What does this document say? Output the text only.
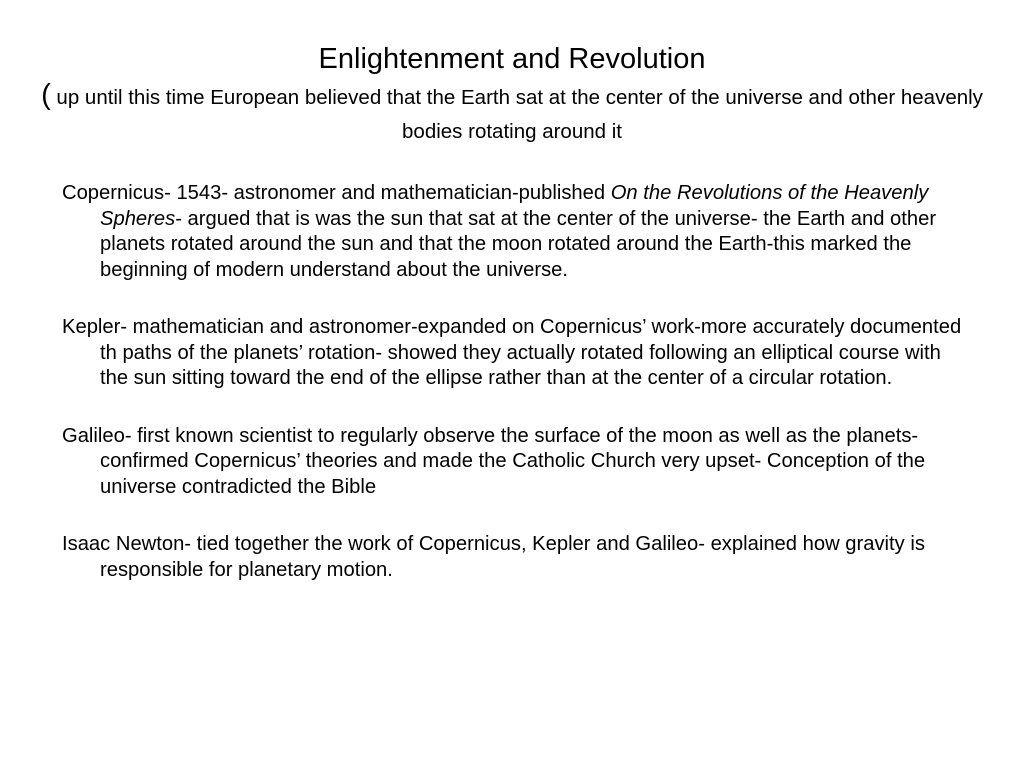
Enlightenment and Revolution

( up until this time European believed that the Earth sat at the center of the universe and other heavenly bodies rotating around it

Copernicus- 1543- astronomer and mathematician-published On the Revolutions of the Heavenly Spheres- argued that is was the sun that sat at the center of the universe- the Earth and other planets rotated around the sun and that the moon rotated around the Earth-this marked the beginning of modern understand about the universe.

Kepler- mathematician and astronomer-expanded on Copernicus’ work-more accurately documented th paths of the planets’ rotation- showed they actually rotated following an elliptical course with the sun sitting toward the end of the ellipse rather than at the center of a circular rotation.

Galileo- first known scientist to regularly observe the surface of the moon as well as the planets- confirmed Copernicus’ theories and made the Catholic Church very upset- Conception of the universe contradicted the Bible

Isaac Newton- tied together the work of Copernicus, Kepler and Galileo- explained how gravity is responsible for planetary motion.
